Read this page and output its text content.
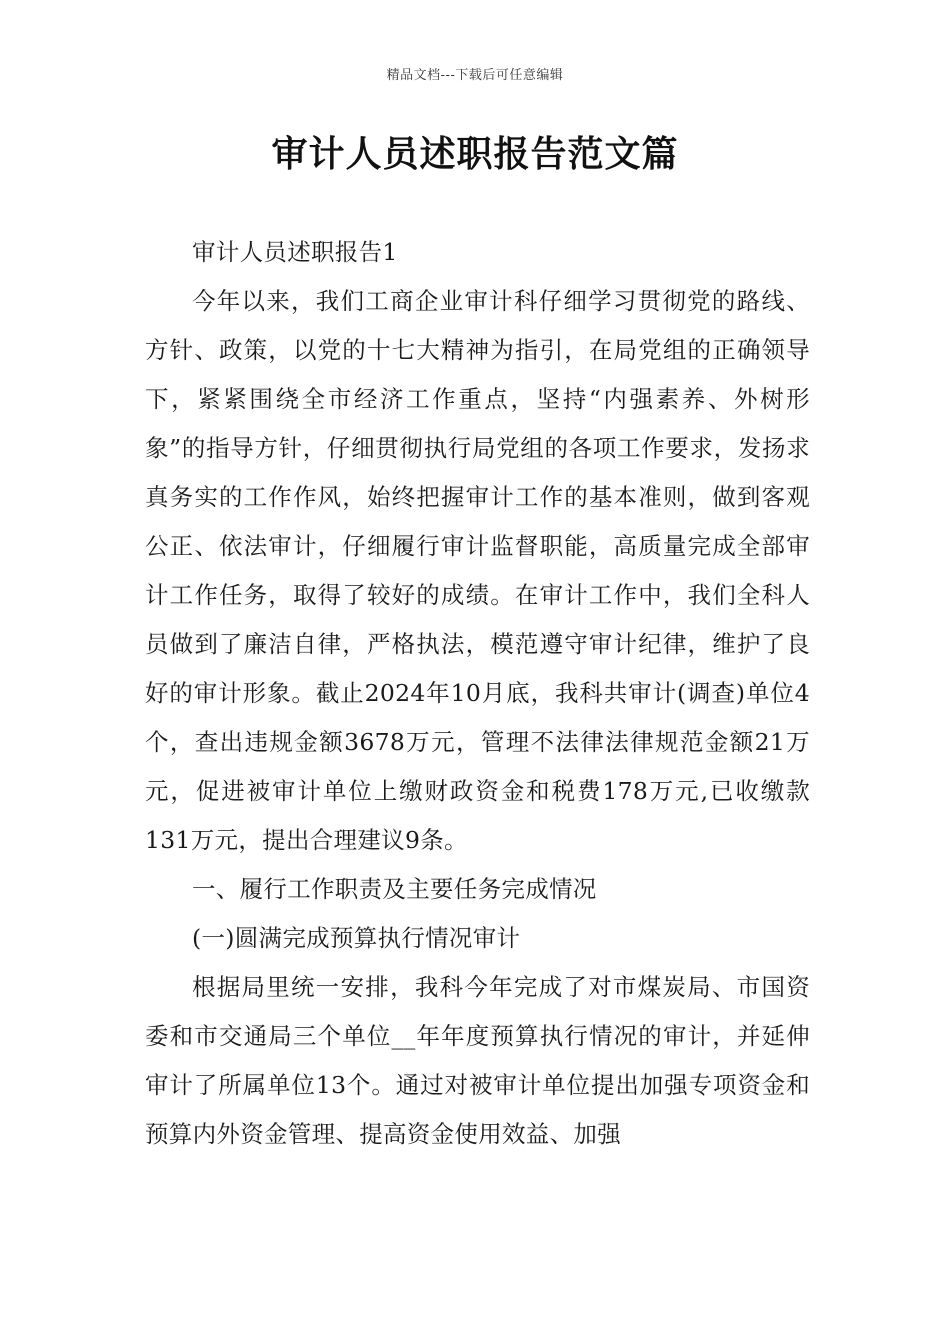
精品文档---下载后可任意编辑
审计人员述职报告范文篇

审计人员述职报告1

今年以来，我们工商企业审计科仔细学习贯彻党的路线、方针、政策，以党的十七大精神为指引，在局党组的正确领导下，紧紧围绕全市经济工作重点，坚持“内强素养、外树形象”的指导方针，仔细贯彻执行局党组的各项工作要求，发扬求真务实的工作作风，始终把握审计工作的基本准则，做到客观公正、依法审计，仔细履行审计监督职能，高质量完成全部审计工作任务，取得了较好的成绩。在审计工作中，我们全科人员做到了廉洁自律，严格执法，模范遵守审计纪律，维护了良好的审计形象。截止2024年10月底，我科共审计(调查)单位4个，查出违规金额3678万元，管理不法律法律规范金额21万元，促进被审计单位上缴财政资金和税费178万元,已收缴款131万元，提出合理建议9条。

一、履行工作职责及主要任务完成情况

(一)圆满完成预算执行情况审计

根据局里统一安排，我科今年完成了对市煤炭局、市国资委和市交通局三个单位__年年度预算执行情况的审计，并延伸审计了所属单位13个。通过对被审计单位提出加强专项资金和预算内外资金管理、提高资金使用效益、加强
